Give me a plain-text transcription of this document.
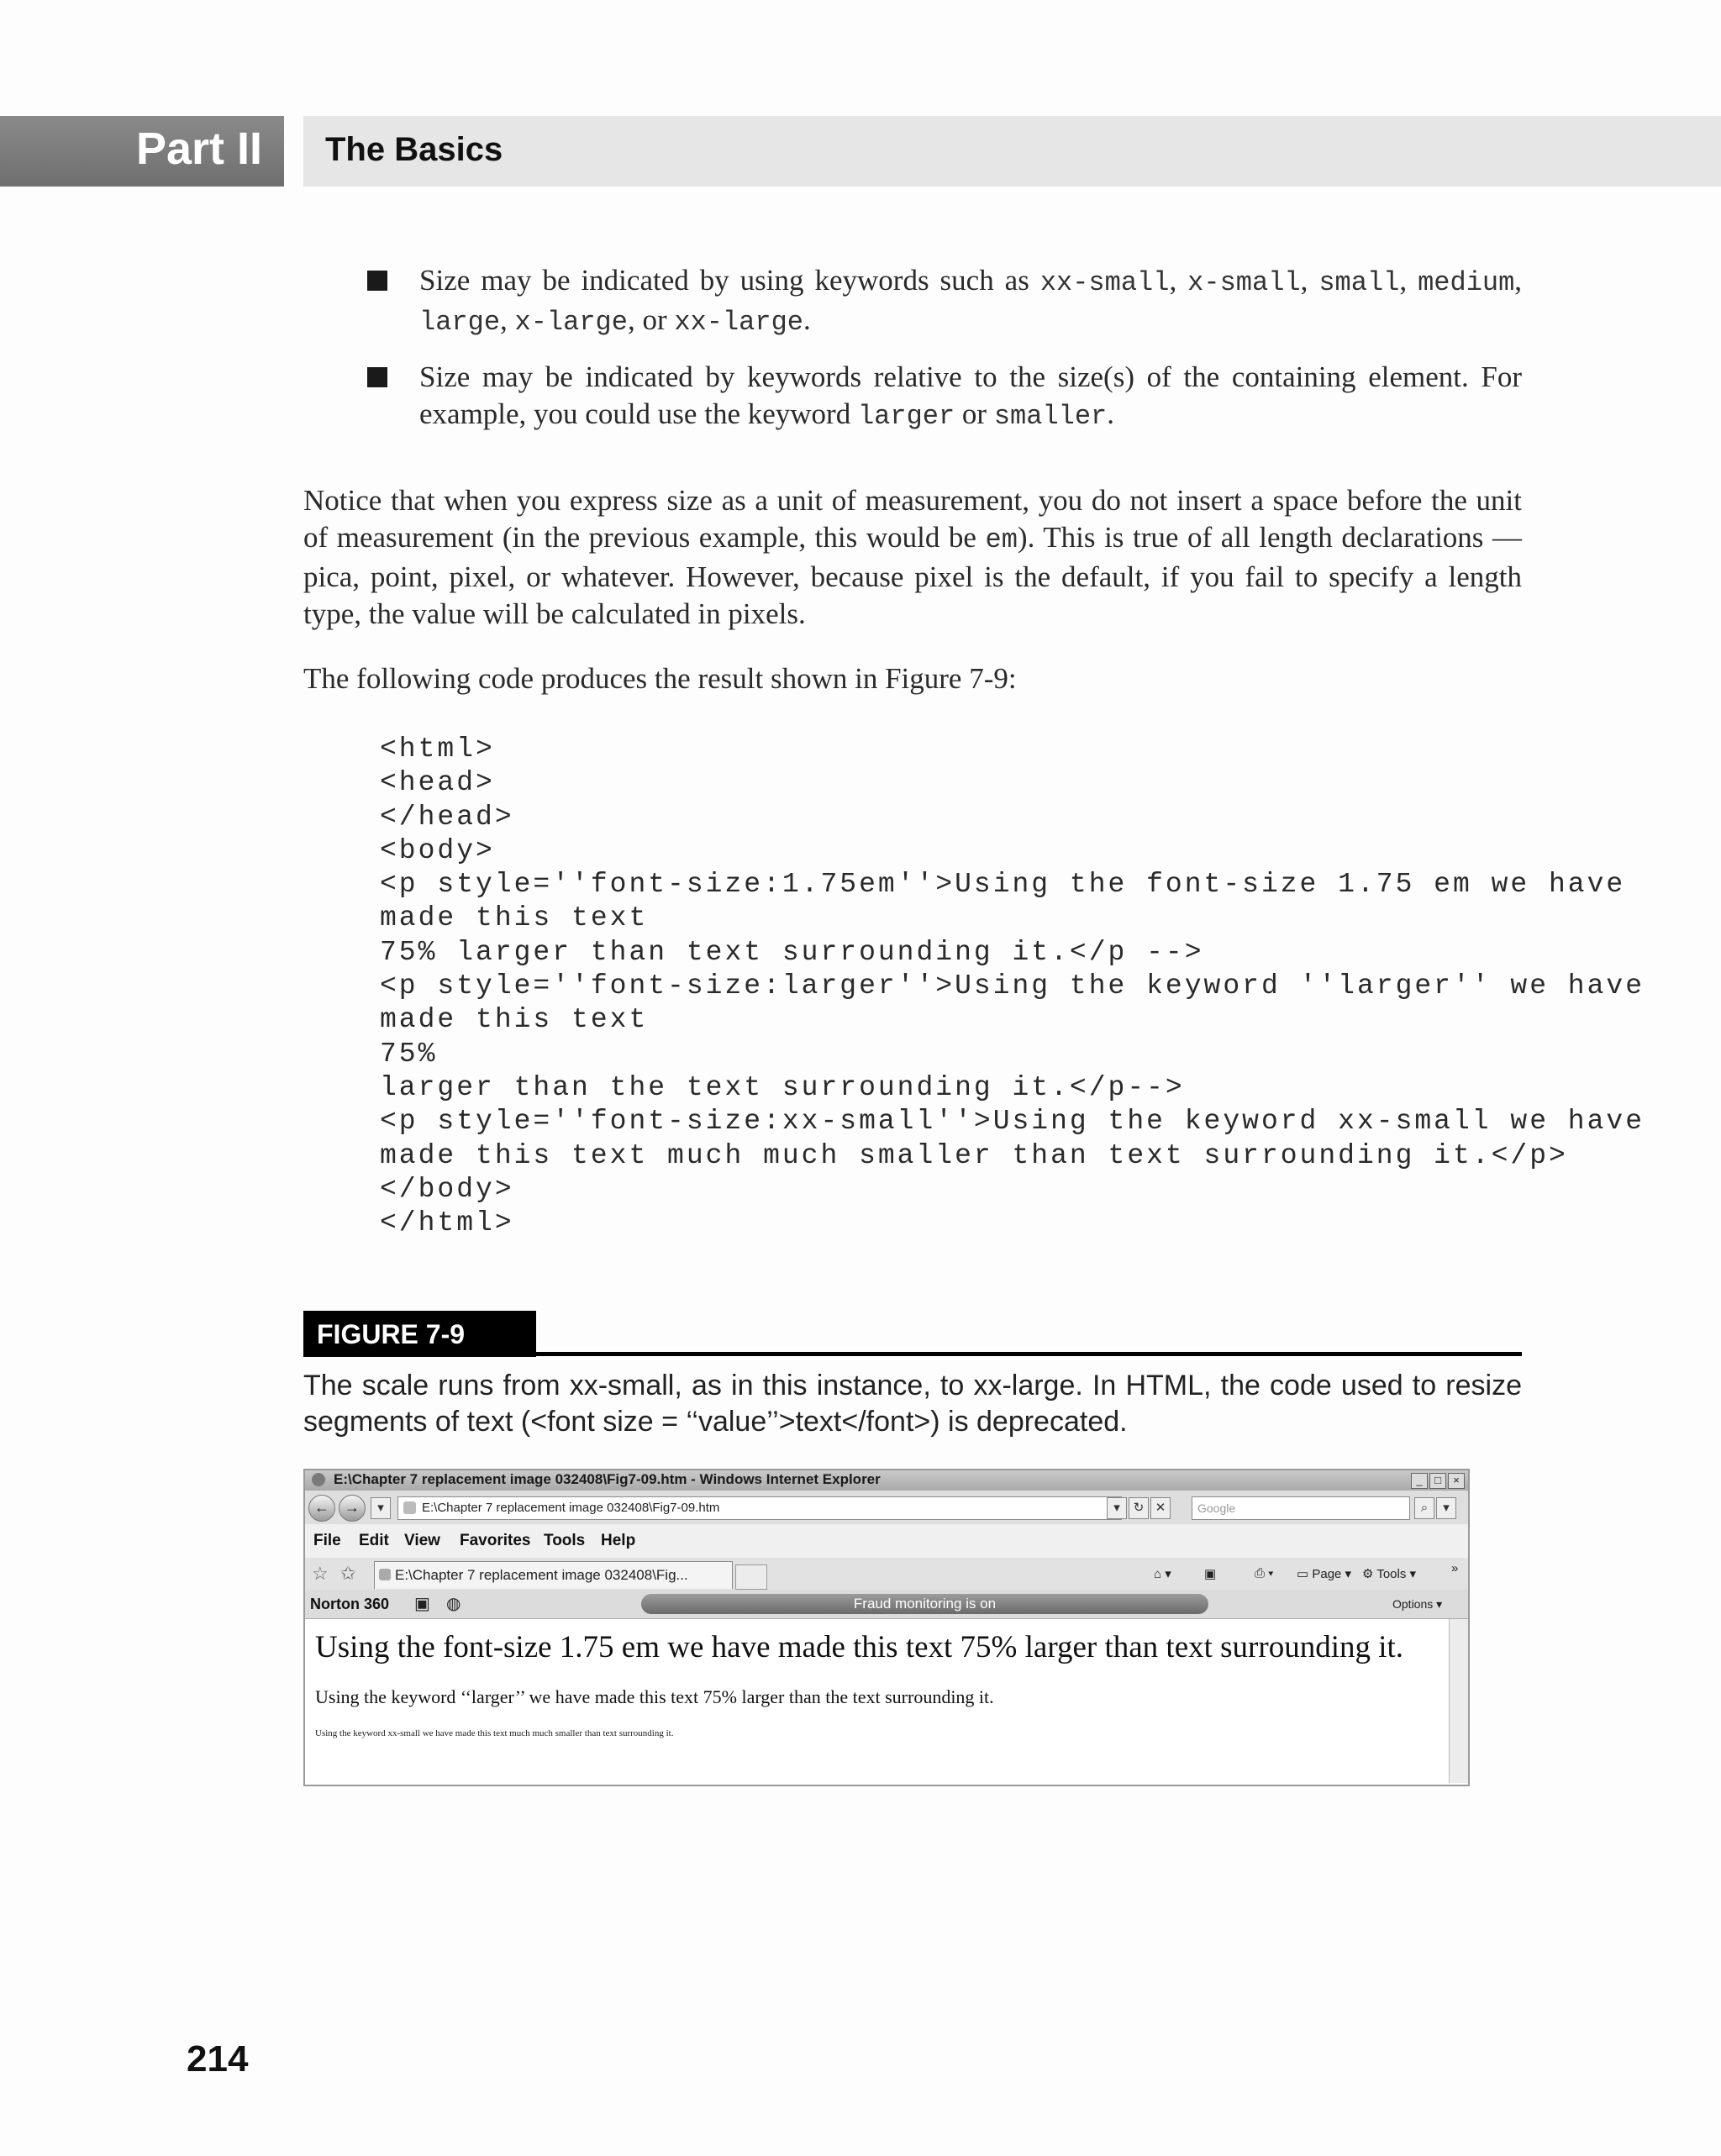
Part II The Basics
Size may be indicated by using keywords such as xx-small, x-small, small, medium, large, x-large, or xx-large.
Size may be indicated by keywords relative to the size(s) of the containing element. For example, you could use the keyword larger or smaller.
Notice that when you express size as a unit of measurement, you do not insert a space before the unit of measurement (in the previous example, this would be em). This is true of all length declarations — pica, point, pixel, or whatever. However, because pixel is the default, if you fail to specify a length type, the value will be calculated in pixels.
The following code produces the result shown in Figure 7-9:
<html>
<head>
</head>
<body>
<p style=''font-size:1.75em''>Using the font-size 1.75 em we have
made this text
75% larger than text surrounding it.</p -->
<p style=''font-size:larger''>Using the keyword ''larger'' we have
made this text
75%
larger than the text surrounding it.</p-->
<p style=''font-size:xx-small''>Using the keyword xx-small we have
made this text much much smaller than text surrounding it.</p>
</body>
</html>
FIGURE 7-9
The scale runs from xx-small, as in this instance, to xx-large. In HTML, the code used to resize segments of text (<font size = ‘‘value’’>text</font>) is deprecated.
E:\Chapter 7 replacement image 032408\Fig7-09.htm - Windows Internet Explorer	_	□	×
←	→	▾	E:\Chapter 7 replacement image 032408\Fig7-09.htm	▾	↻ ✕	Google	⌕	▾
File Edit View Favorites Tools Help
☆ ✩	E:\Chapter 7 replacement image 032408\Fig...	⌂ ▾	▣	⎙ ▾ ▭ Page ▾ ⚙ Tools ▾	»
Norton 360 ▣ ◍	Fraud monitoring is on	Options ▾
Using the font-size 1.75 em we have made this text 75% larger than text surrounding it.
Using the keyword ‘‘larger’’ we have made this text 75% larger than the text surrounding it.
Using the keyword xx-small we have made this text much much smaller than text surrounding it.
214
